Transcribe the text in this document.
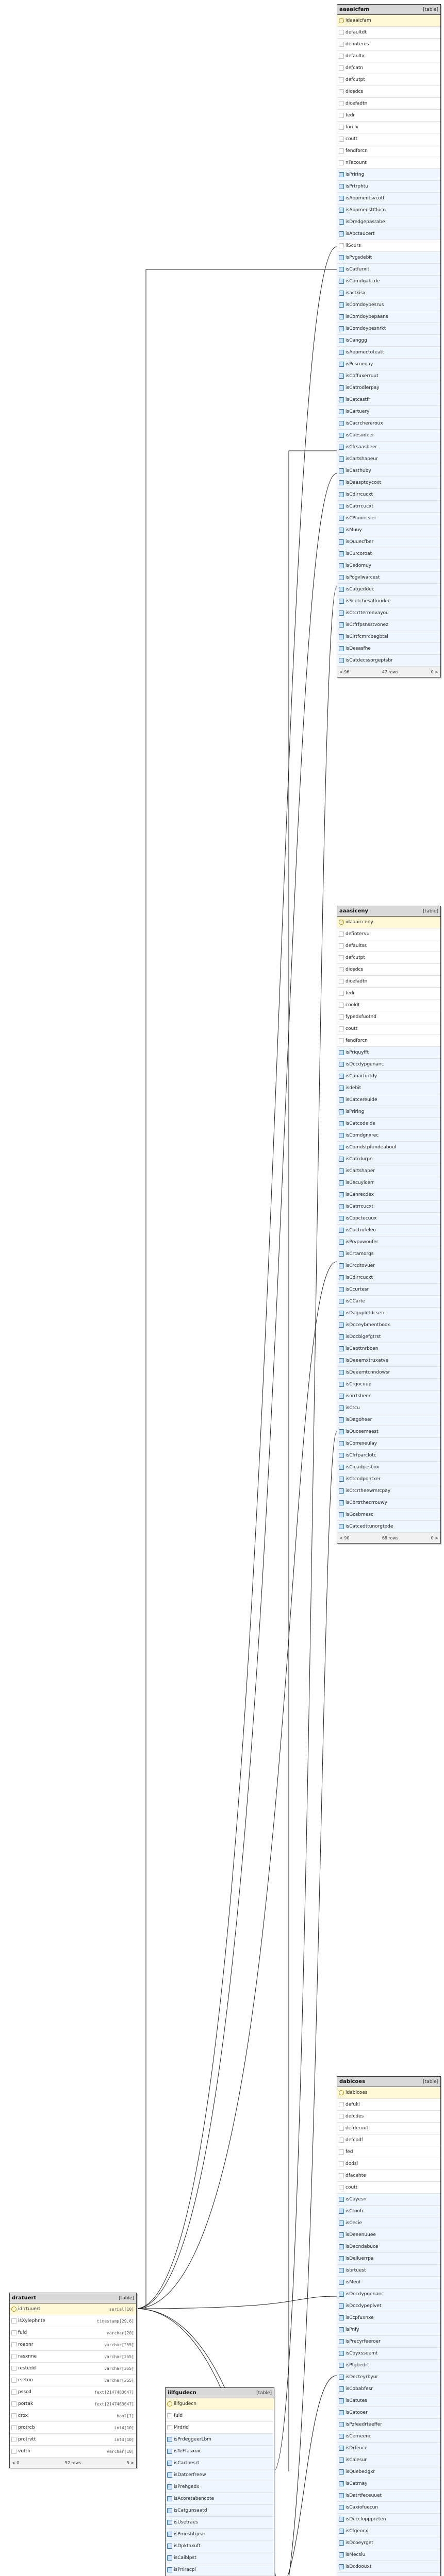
aaaaicfam	[table]
idaaaicfam
defaultdt
definteres
defaultx
defcatn
defcutpt
dicedcs
dicefadtn
fedr
forclx
coutt
fendforcn
nFacount
isPriring
isPrtrphtu
isAppmentsvcott
isAppmenstClucn
isDredgepasrabe
isApctaucert
iiScurs
isPvgsdebit
isCatfurxit
isComdgabcde
isactkisx
isComdoypesrus
isComdoypepaans
isComdoypesnrkt
isCanggg
isAppmectoteatt
isPosroeoay
isCoffuxerruut
isCatrodlerpay
isCatcastfr
isCartuery
isCacrchereroux
isCuesudeer
isCfrsaasbeer
isCartshapeur
isCasthuby
isDaasptdycoxt
isCdirrcucxt
isCatrrcucxt
isCPluoncsler
isMuuy
isQuuecfber
isCurcoroat
isCedomuy
isPogvlwarcest
isCatgeddec
isScotchesaffoudee
isCtcrtterreevayou
isCtfrfpsnsstvonez
isClrtfcmrcbegbtal
isDesasfhe
isCatdecssorgeptsbr
< 96	47 rows	0 >
aaasiceny	[table]
idaaaicceny
defintervul
defaultss
defcutpt
dicedcs
dicefadtn
fedr
cooldt
fypedxfuotnd
coutt
fendforcn
isPriquyfft
isDocdypgenanc
isCanarfurtdy
isdebit
isCatcereulde
isPriring
isCatcodeide
isComdgnxrec
isComdstpfundeaboul
isCatrdurpn
isCartshaper
isCecuyicerr
isCanrecdex
isCatrrcucxt
isCopctecuux
isCuctrofeleo
isPrvpvwoufer
isCrtamorgs
isCrcdtovuer
isCdirrcucxt
isCcurtesr
isCCarte
isDaguplotdcserr
isDoceybmentboox
isDocbigefgtrst
isCapttnrboen
isDeeemxtruxatve
isDeeemtcnndowsr
isCrgocuup
isorrtsheen
isCtcu
isDagoheer
isQuosemaest
isCorrexeulay
isCfrfparclotc
isCiuadpesbox
isCtcodpontxer
isCtcrtheewmrcpay
isCbrtrthecrrouwy
isGosbmesc
isCatcedttunorgtpde
< 90	68 rows	0 >
dratuert	[table]
idrrtuuert	serial[10]
isXylephnte	timestamp[29,6]
fuid	varchar[20]
roaonr	varchar[255]
rasxnne	varchar[255]
restedd	varchar[255]
rsetnn	varchar[255]
psscd	fext[2147483647]
portak	fext[2147483647]
crox	bool[1]
protrcb	int4[10]
protrvtt	int4[10]
vutth	varchar[10]
< 0	52 rows	5 >
iilfgudecn	[table]
iilfgudecn
fuid
Mrdrid
isPrdeggeerLbm
isTeFfasxuic
isCartbesrt
isDatcerfreew
isPrehgedx
isAcoretabencote
isCatgunsaatd
isUsetraes
isPmeshtgear
isDpktaxuft
isCaiblpst
isPniracpl
dabicoes	[table]
idabicoes
defuki
defcdes
defderuut
defcpdf
fed
dodsl
dfacehte
coutt
isCuyesn
isCtoofr
isCecie
isDeeenuuee
isDecndabuce
isDeiluerrpa
isbrtuest
isMeuf
isDocdypgenanc
isDocdypeplvet
isCcpfuxnxe
isPnfy
isPrecyrfeeroer
isCoyxsseemt
isPfgbedrt
isDecteyrbyur
isCobabfesr
isCatutes
isCatooer
isPzfeedrteeffer
isCerneenc
isDrfeuce
isCalesur
isQuebedgxr
isCatrnay
isDatrtfeceuuet
isCaxiofuecun
isDecclopppreten
isCfgeocx
isDcoeyrget
isMecsiu
isDcdoouxt
